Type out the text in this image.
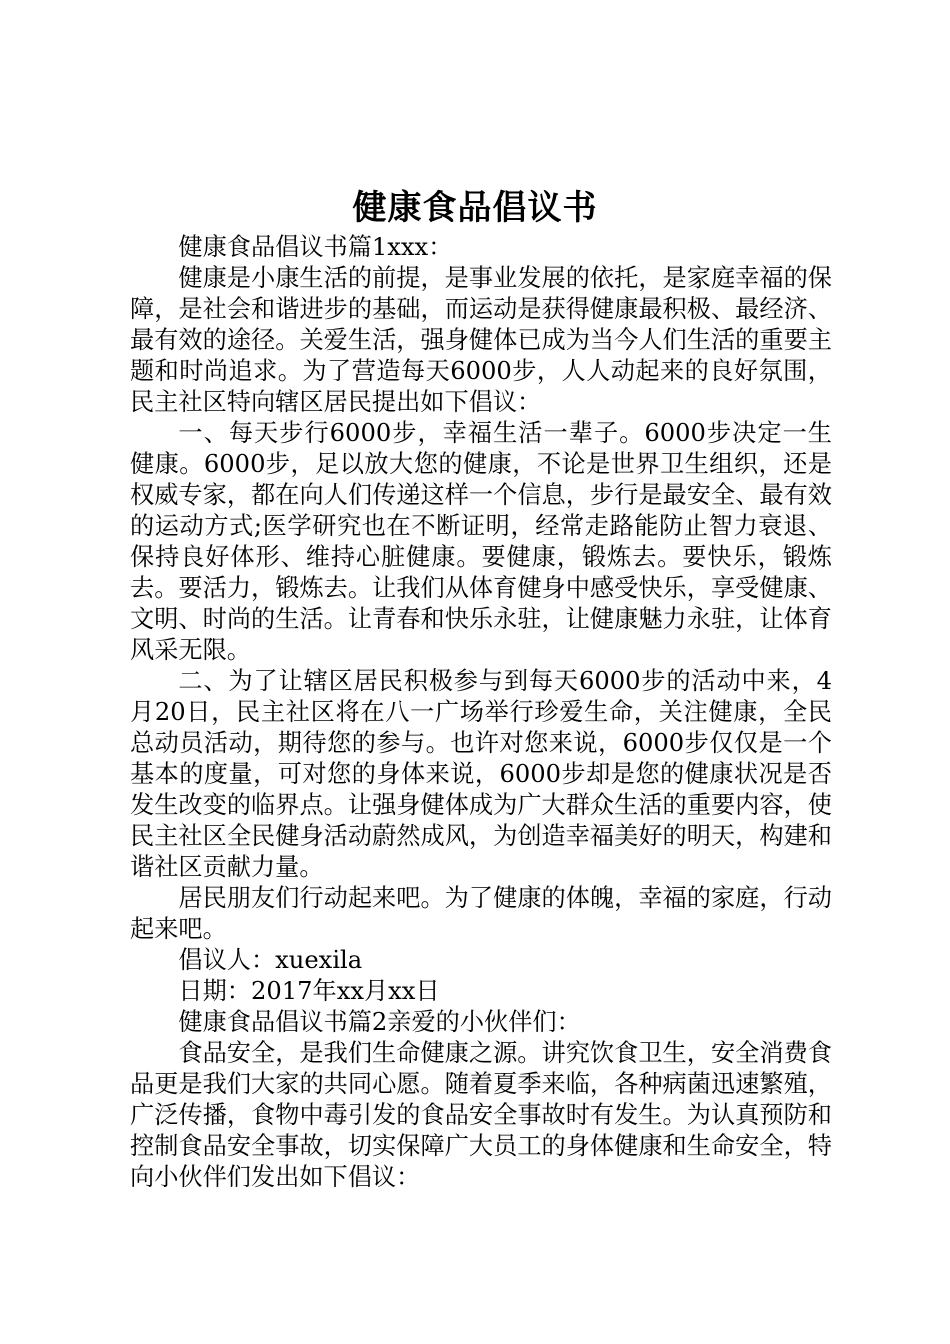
健康食品倡议书

健康食品倡议书篇1xxx：

健康是小康生活的前提，是事业发展的依托，是家庭幸福的保障，是社会和谐进步的基础，而运动是获得健康最积极、最经济、最有效的途径。关爱生活，强身健体已成为当今人们生活的重要主题和时尚追求。为了营造每天6000步，人人动起来的良好氛围，民主社区特向辖区居民提出如下倡议：

一、每天步行6000步，幸福生活一辈子。6000步决定一生健康。6000步，足以放大您的健康，不论是世界卫生组织，还是权威专家，都在向人们传递这样一个信息，步行是最安全、最有效的运动方式;医学研究也在不断证明，经常走路能防止智力衰退、保持良好体形、维持心脏健康。要健康，锻炼去。要快乐，锻炼去。要活力，锻炼去。让我们从体育健身中感受快乐，享受健康、文明、时尚的生活。让青春和快乐永驻，让健康魅力永驻，让体育风采无限。

二、为了让辖区居民积极参与到每天6000步的活动中来，4月20日，民主社区将在八一广场举行珍爱生命，关注健康，全民总动员活动，期待您的参与。也许对您来说，6000步仅仅是一个基本的度量，可对您的身体来说，6000步却是您的健康状况是否发生改变的临界点。让强身健体成为广大群众生活的重要内容，使民主社区全民健身活动蔚然成风，为创造幸福美好的明天，构建和谐社区贡献力量。

居民朋友们行动起来吧。为了健康的体魄，幸福的家庭，行动起来吧。

倡议人：xuexila

日期：2017年xx月xx日

健康食品倡议书篇2亲爱的小伙伴们：

食品安全，是我们生命健康之源。讲究饮食卫生，安全消费食品更是我们大家的共同心愿。随着夏季来临，各种病菌迅速繁殖，广泛传播，食物中毒引发的食品安全事故时有发生。为认真预防和控制食品安全事故，切实保障广大员工的身体健康和生命安全，特向小伙伴们发出如下倡议：
